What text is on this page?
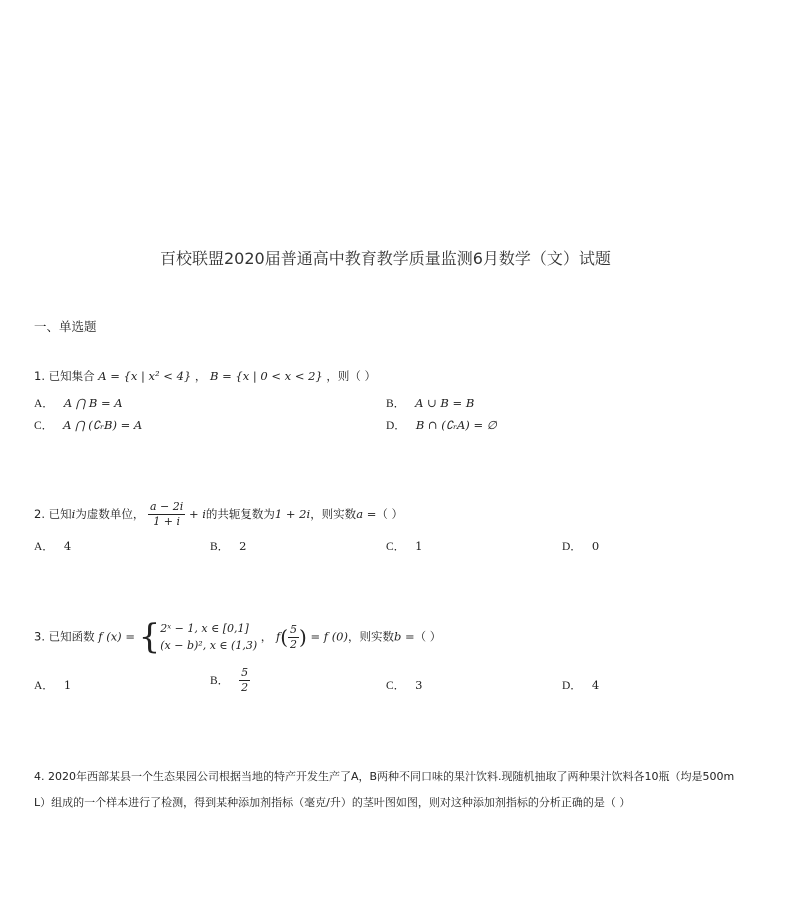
百校联盟2020届普通高中教育教学质量监测6月数学（文）试题
一、单选题
1. 已知集合 A = {x | x² < 4} ， B = {x | 0 < x < 2} ，则（ ）
A． A ⋂ B = A	B． A ∪ B = B
C． A ⋂ (∁ᵣB) = A	D． B ∩ (∁ᵣA) = ∅
2. 已知i为虚数单位， $\frac{a - 2i}{1 + i} + i$的共轭复数为1 + 2i，则实数a =（ ）
A． 4	B． 2	C． 1	D． 0
3. 已知函数 f (x) = { 2ˣ − 1, x ∈ [0,1]
(x − b)², x ∈ (1,3)
， $f( \frac{5}{2}$ ) = f (0)，则实数b =（ ）
A． 1	B． $\frac{5}{2}$	C． 3	D． 4
4. 2020年西部某县一个生态果园公司根据当地的特产开发生产了A，B两种不同口味的果汁饮料.现随机抽取了两种果汁饮料各10瓶（均是500m
L）组成的一个样本进行了检测，得到某种添加剂指标（毫克/升）的茎叶图如图，则对这种添加剂指标的分析正确的是（ ）
